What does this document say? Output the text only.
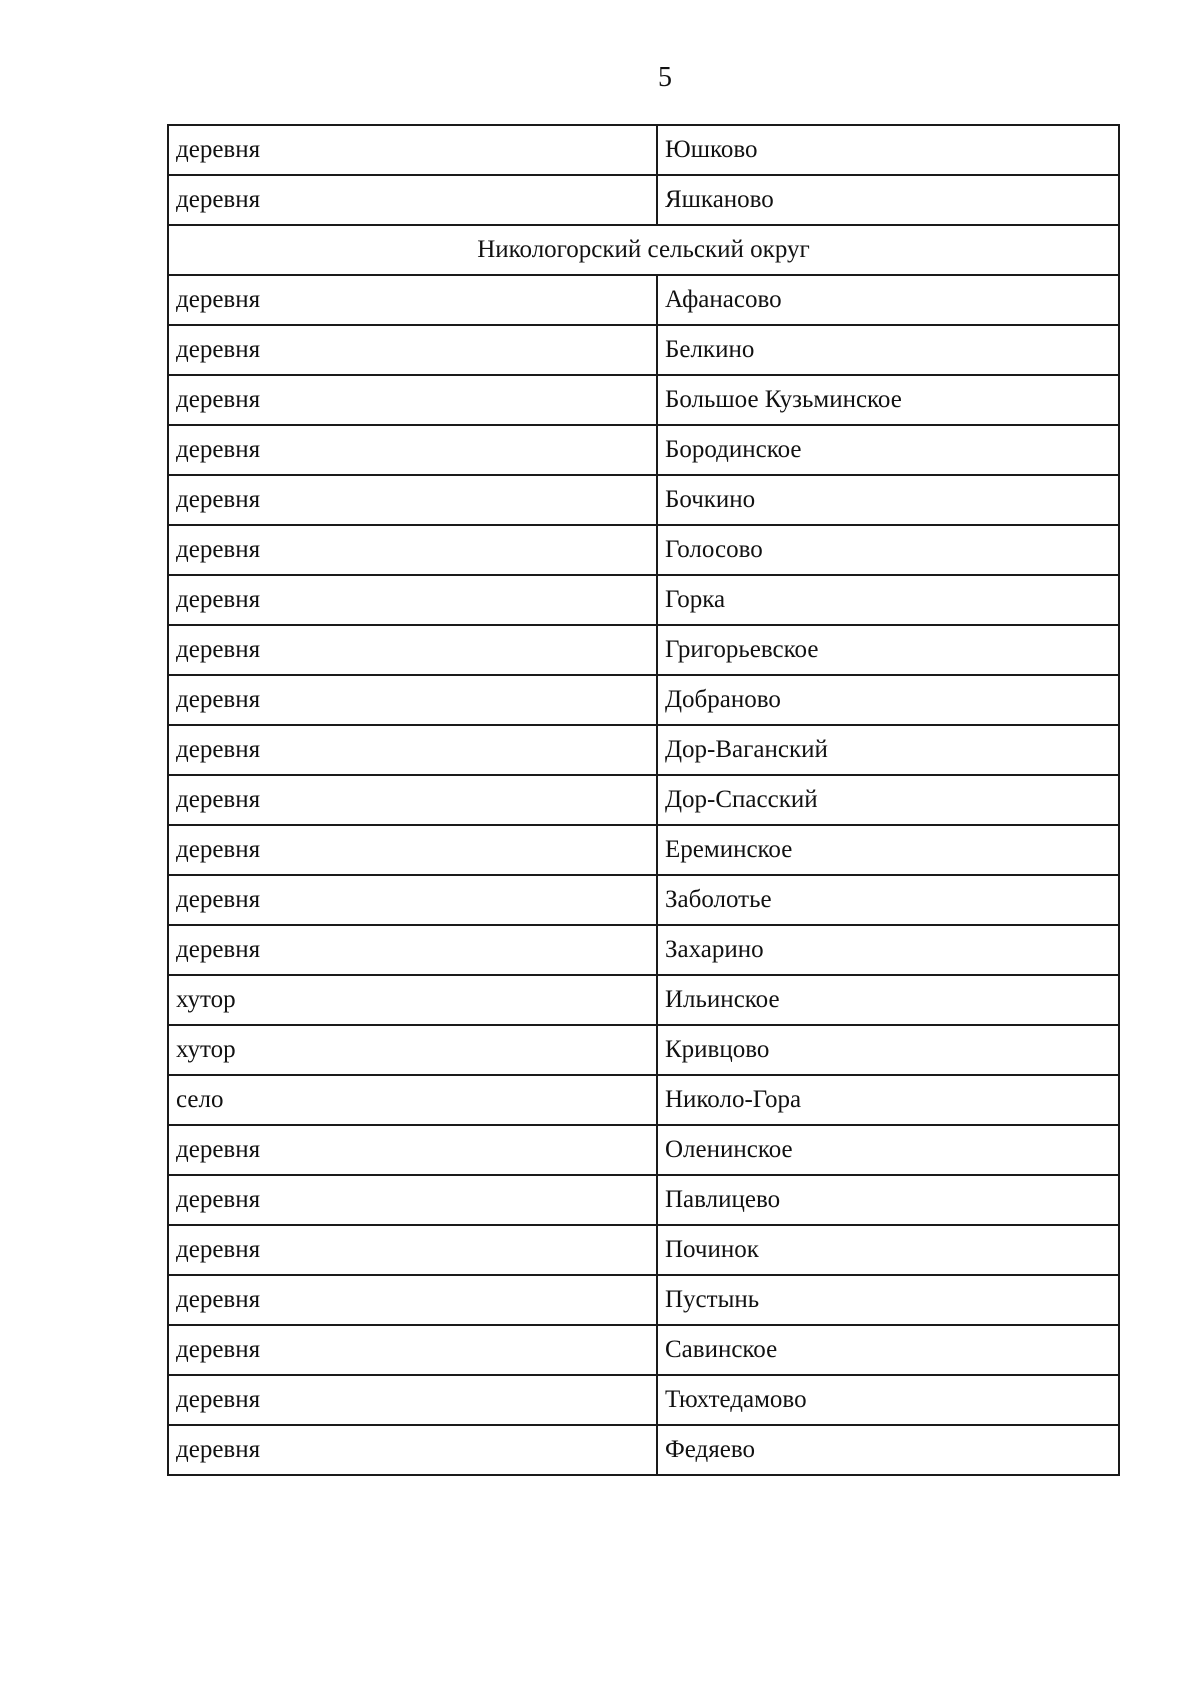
5
деревня	Юшково
деревня	Яшканово
Никологорский сельский округ	
деревня	Афанасово
деревня	Белкино
деревня	Большое Кузьминское
деревня	Бородинское
деревня	Бочкино
деревня	Голосово
деревня	Горка
деревня	Григорьевское
деревня	Добраново
деревня	Дор-Ваганский
деревня	Дор-Спасский
деревня	Ереминское
деревня	Заболотье
деревня	Захарино
хутор	Ильинское
хутор	Кривцово
село	Николо-Гора
деревня	Оленинское
деревня	Павлицево
деревня	Починок
деревня	Пустынь
деревня	Савинское
деревня	Тюхтедамово
деревня	Федяево
